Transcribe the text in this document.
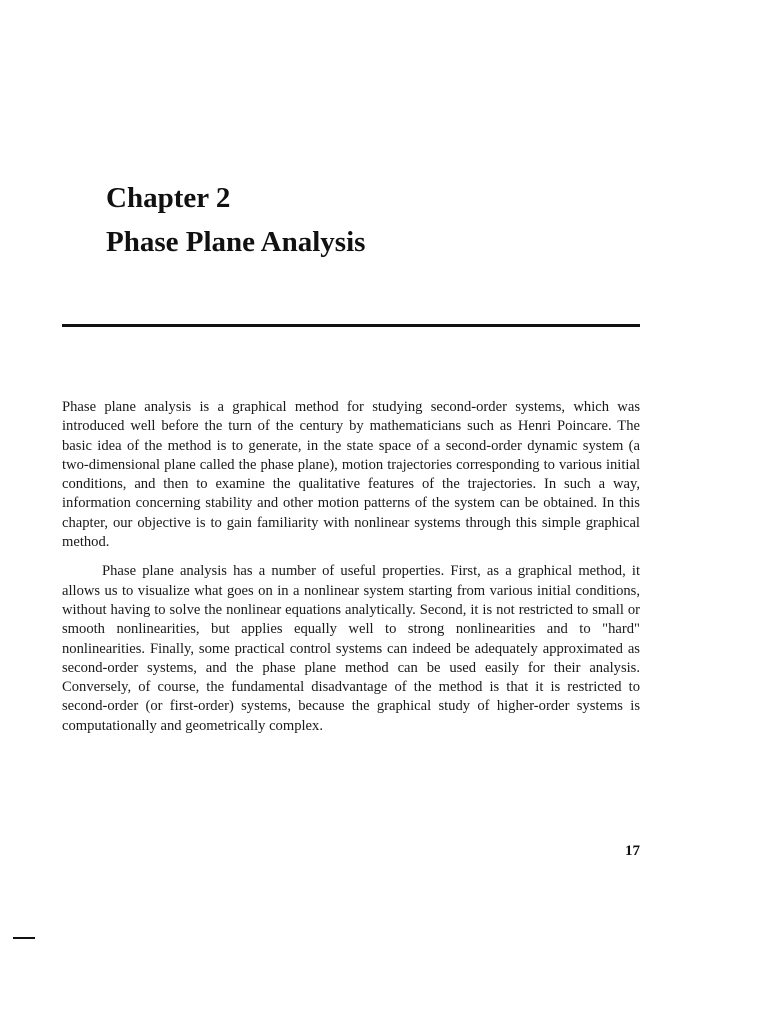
Chapter 2
Phase Plane Analysis

Phase plane analysis is a graphical method for studying second-order systems, which was introduced well before the turn of the century by mathematicians such as Henri Poincare. The basic idea of the method is to generate, in the state space of a second-order dynamic system (a two-dimensional plane called the phase plane), motion trajectories corresponding to various initial conditions, and then to examine the qualitative features of the trajectories. In such a way, information concerning stability and other motion patterns of the system can be obtained. In this chapter, our objective is to gain familiarity with nonlinear systems through this simple graphical method.

Phase plane analysis has a number of useful properties. First, as a graphical method, it allows us to visualize what goes on in a nonlinear system starting from various initial conditions, without having to solve the nonlinear equations analytically. Second, it is not restricted to small or smooth nonlinearities, but applies equally well to strong nonlinearities and to "hard" nonlinearities. Finally, some practical control systems can indeed be adequately approximated as second-order systems, and the phase plane method can be used easily for their analysis. Conversely, of course, the fundamental disadvantage of the method is that it is restricted to second-order (or first-order) systems, because the graphical study of higher-order systems is computationally and geometrically complex.

17
